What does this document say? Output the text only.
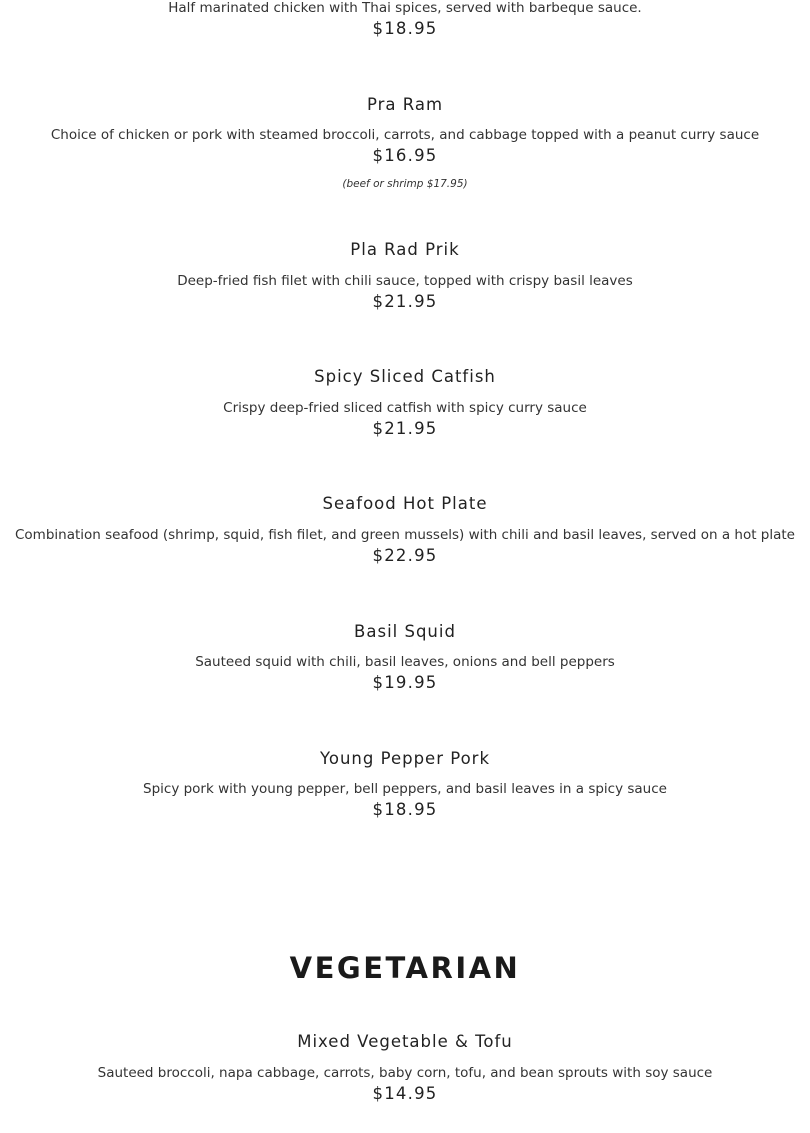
Half marinated chicken with Thai spices, served with barbeque sauce.
$18.95
Pra Ram
Choice of chicken or pork with steamed broccoli, carrots, and cabbage topped with a peanut curry sauce
$16.95
(beef or shrimp $17.95)
Pla Rad Prik
Deep-fried fish filet with chili sauce, topped with crispy basil leaves
$21.95
Spicy Sliced Catfish
Crispy deep-fried sliced catfish with spicy curry sauce
$21.95
Seafood Hot Plate
Combination seafood (shrimp, squid, fish filet, and green mussels) with chili and basil leaves, served on a hot plate
$22.95
Basil Squid
Sauteed squid with chili, basil leaves, onions and bell peppers
$19.95
Young Pepper Pork
Spicy pork with young pepper, bell peppers, and basil leaves in a spicy sauce
$18.95
VEGETARIAN
Mixed Vegetable & Tofu
Sauteed broccoli, napa cabbage, carrots, baby corn, tofu, and bean sprouts with soy sauce
$14.95
